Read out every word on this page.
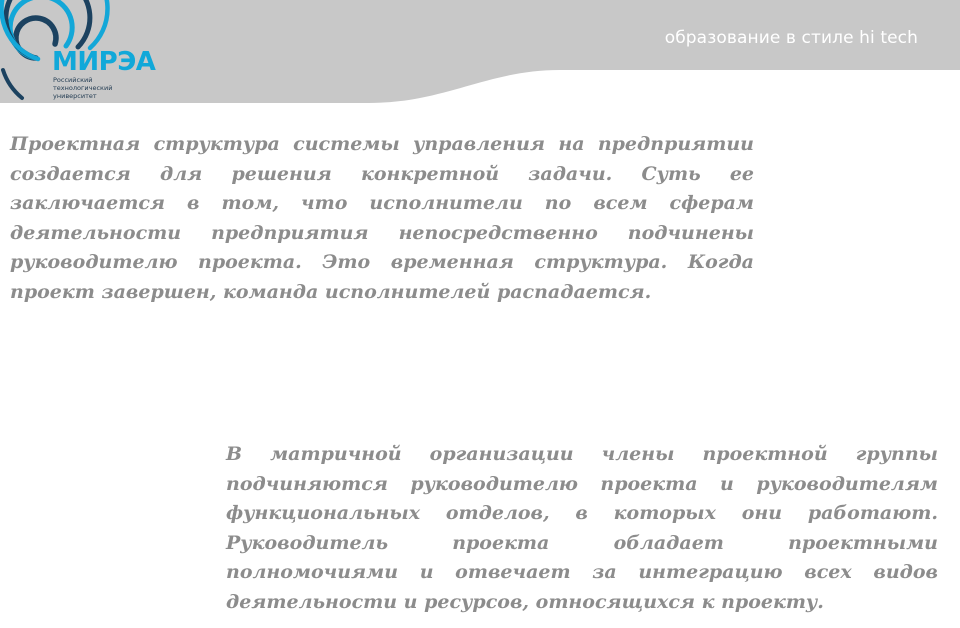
образование в стиле hi tech
МИРЭА
Российский
технологический
университет

Проектная структура системы управления на предприятии создается для решения конкретной задачи. Суть ее заключается в том, что исполнители по всем сферам деятельности предприятия непосредственно подчинены руководителю проекта. Это временная структура. Когда проект завершен, команда исполнителей распадается.

В матричной организации члены проектной группы подчиняются руководителю проекта и руководителям функциональных отделов, в которых они работают. Руководитель проекта обладает проектными полномочиями и отвечает за интеграцию всех видов деятельности и ресурсов, относящихся к проекту.
